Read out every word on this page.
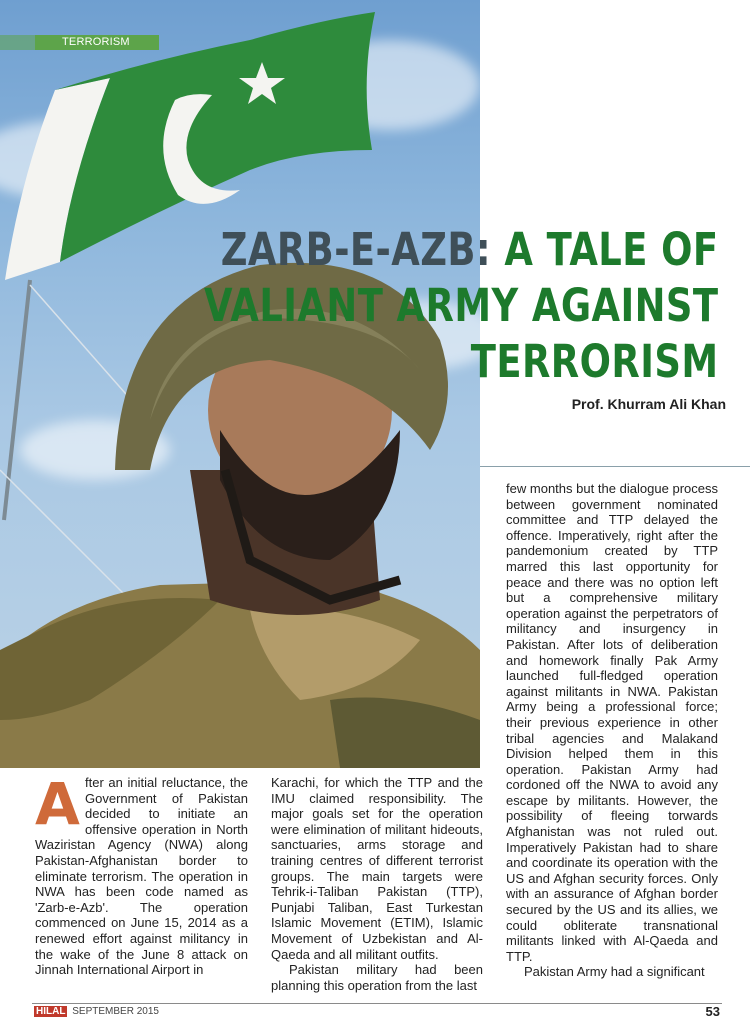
TERRORISM
ZARB-E-AZB: A TALE OF
VALIANT ARMY AGAINST
TERRORISM
Prof. Khurram Ali Khan
A fter an initial reluctance, the Government of Pakistan decided to initiate an offensive operation in North Waziristan Agency (NWA) along Pakistan-Afghanistan border to eliminate terrorism. The operation in NWA has been code named as 'Zarb-e-Azb'. The operation commenced on June 15, 2014 as a renewed effort against militancy in the wake of the June 8 attack on Jinnah International Airport in

Karachi, for which the TTP and the IMU claimed responsibility. The major goals set for the operation were elimination of militant hideouts, sanctuaries, arms storage and training centres of different terrorist groups. The main targets were Tehrik-i-Taliban Pakistan (TTP), Punjabi Taliban, East Turkestan Islamic Movement (ETIM), Islamic Movement of Uzbekistan and Al-Qaeda and all militant outfits.

Pakistan military had been planning this operation from the last

few months but the dialogue process between government nominated committee and TTP delayed the offence. Imperatively, right after the pandemonium created by TTP marred this last opportunity for peace and there was no option left but a comprehensive military operation against the perpetrators of militancy and insurgency in Pakistan. After lots of deliberation and homework finally Pak Army launched full-fledged operation against militants in NWA. Pakistan Army being a professional force; their previous experience in other tribal agencies and Malakand Division helped them in this operation. Pakistan Army had cordoned off the NWA to avoid any escape by militants. However, the possibility of fleeing torwards Afghanistan was not ruled out. Imperatively Pakistan had to share and coordinate its operation with the US and Afghan security forces. Only with an assurance of Afghan border secured by the US and its allies, we could obliterate transnational militants linked with Al-Qaeda and TTP.

Pakistan Army had a significant

HILAL SEPTEMBER 2015	53
